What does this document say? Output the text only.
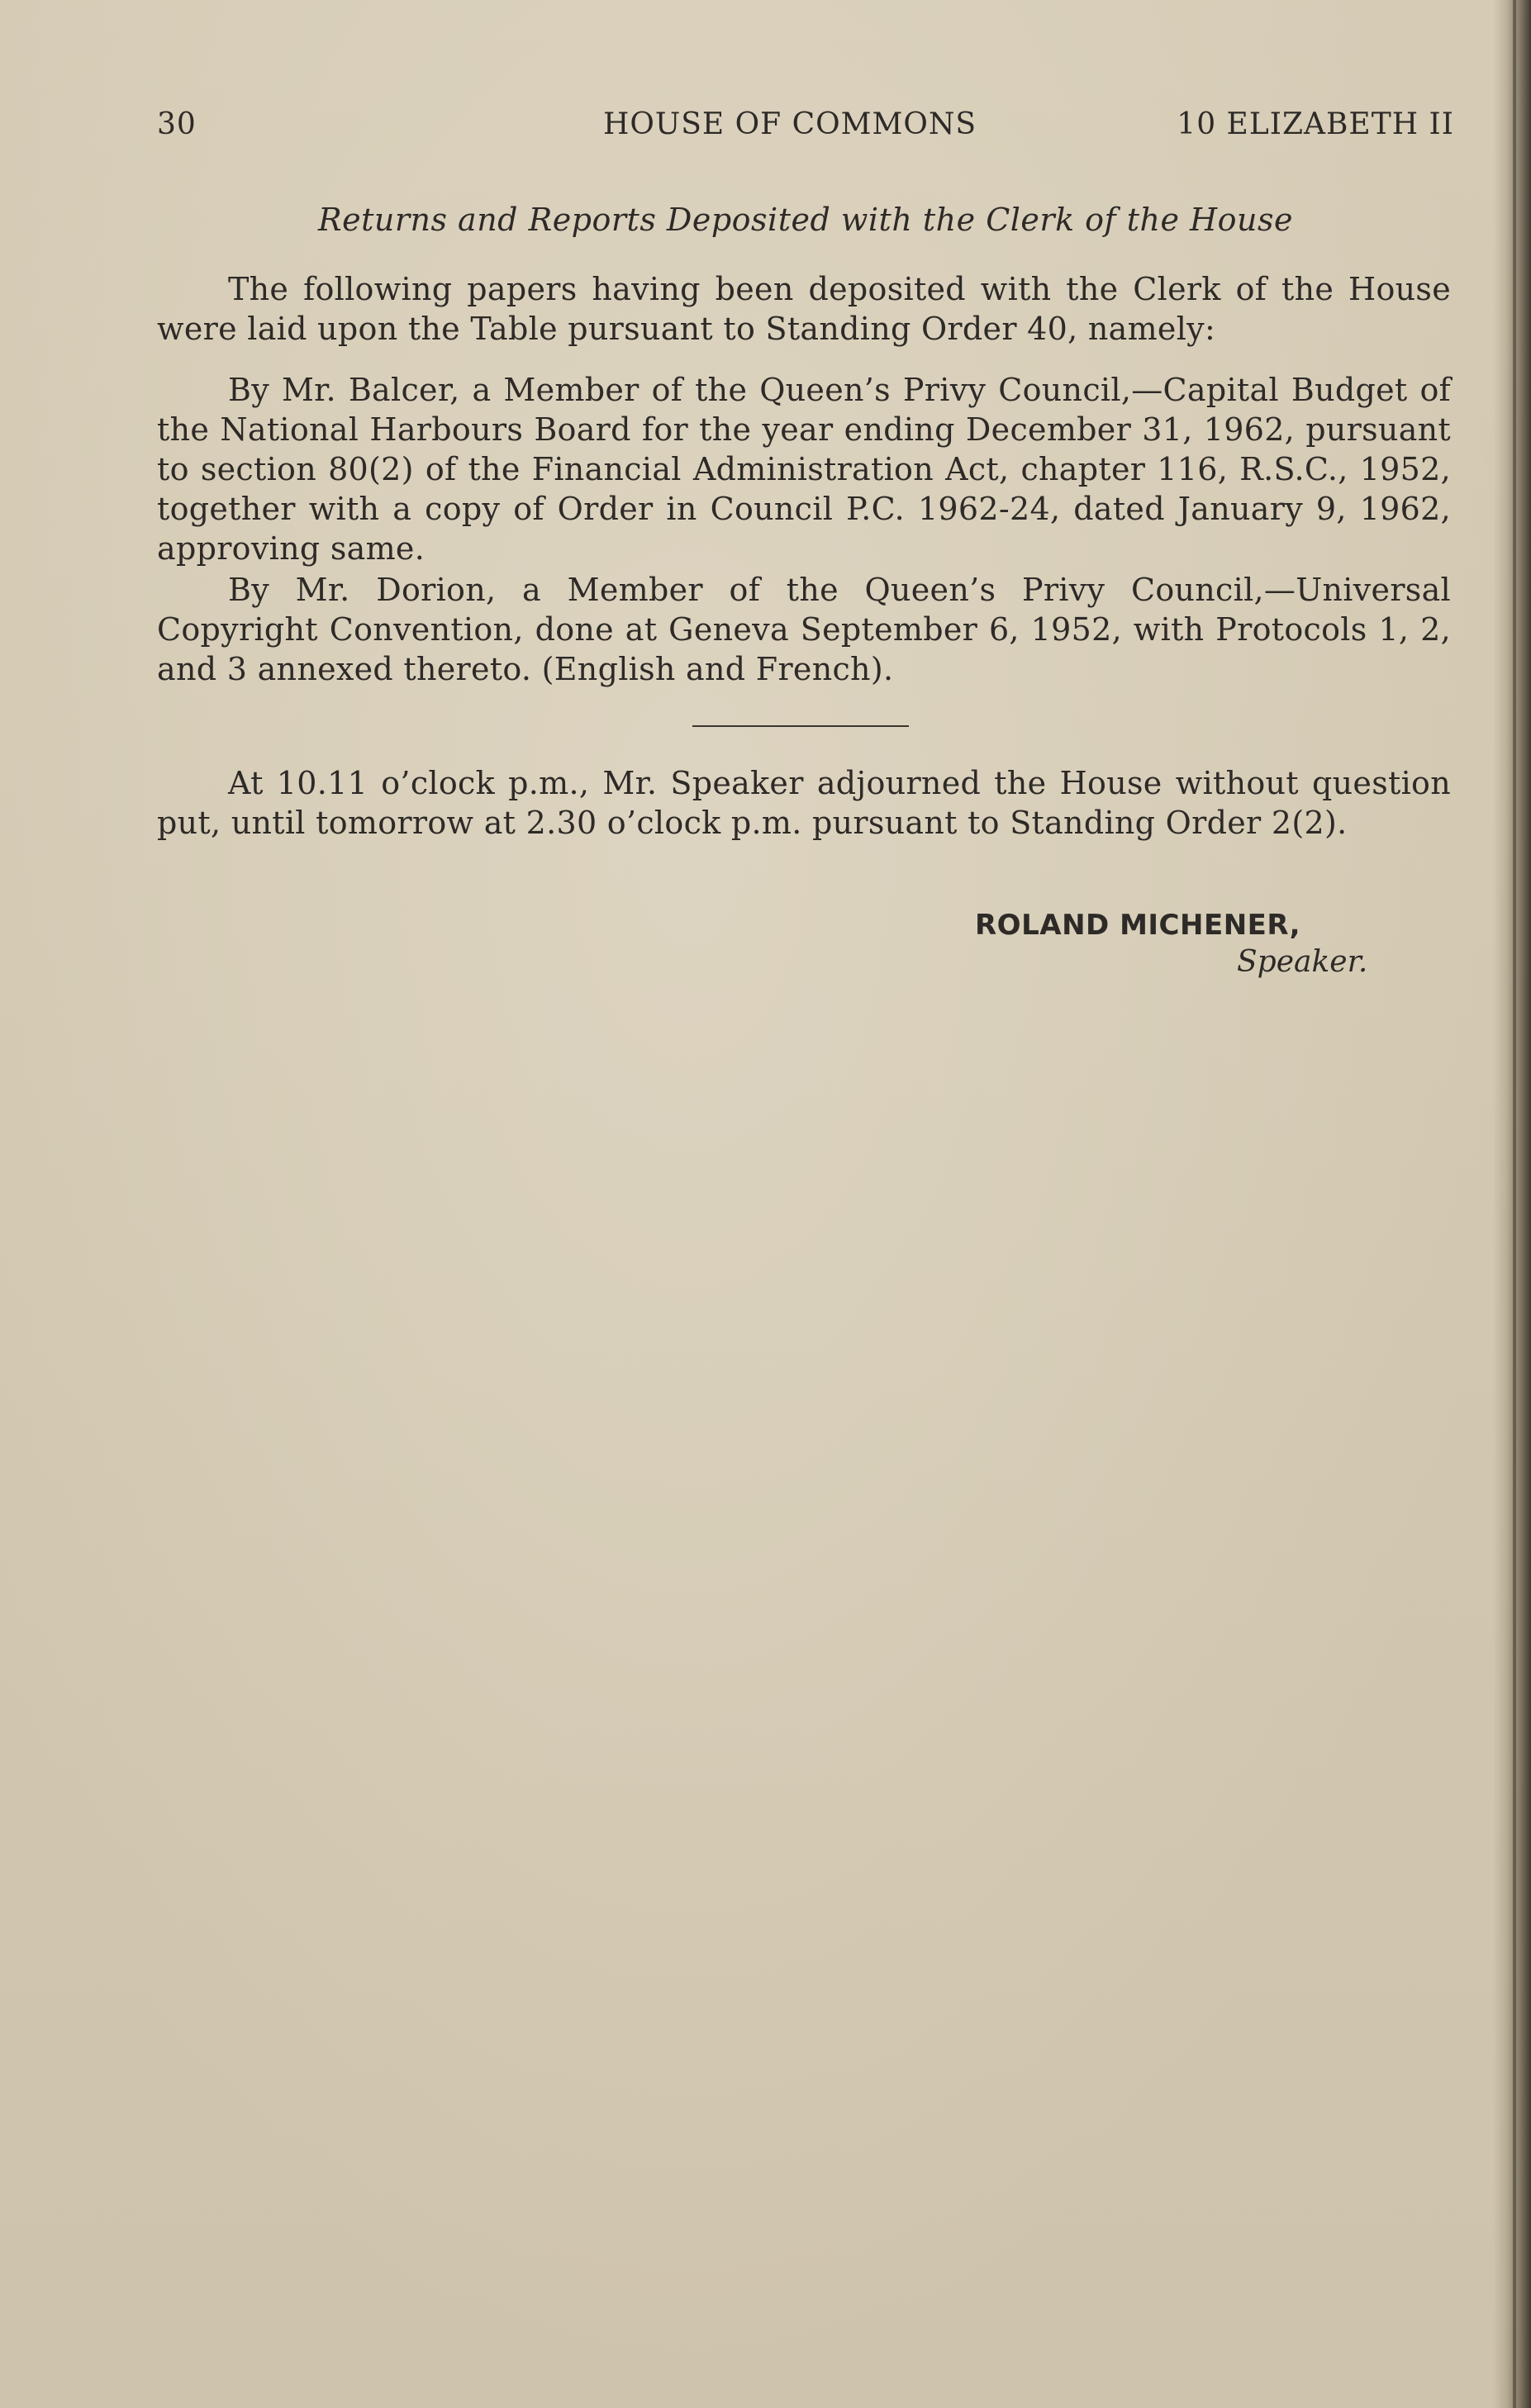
30	HOUSE OF COMMONS	10 ELIZABETH II
Returns and Reports Deposited with the Clerk of the House

The following papers having been deposited with the Clerk of the House were laid upon the Table pursuant to Standing Order 40, namely:

By Mr. Balcer, a Member of the Queen’s Privy Council,—Capital Budget of the National Harbours Board for the year ending December 31, 1962, pursuant to section 80(2) of the Financial Administration Act, chapter 116, R.S.C., 1952, together with a copy of Order in Council P.C. 1962-24, dated January 9, 1962, approving same.

By Mr. Dorion, a Member of the Queen’s Privy Council,—Universal Copyright Convention, done at Geneva September 6, 1952, with Protocols 1, 2, and 3 annexed thereto. (English and French).

At 10.11 o’clock p.m., Mr. Speaker adjourned the House without question put, until tomorrow at 2.30 o’clock p.m. pursuant to Standing Order 2(2).

ROLAND MICHENER,
Speaker.
